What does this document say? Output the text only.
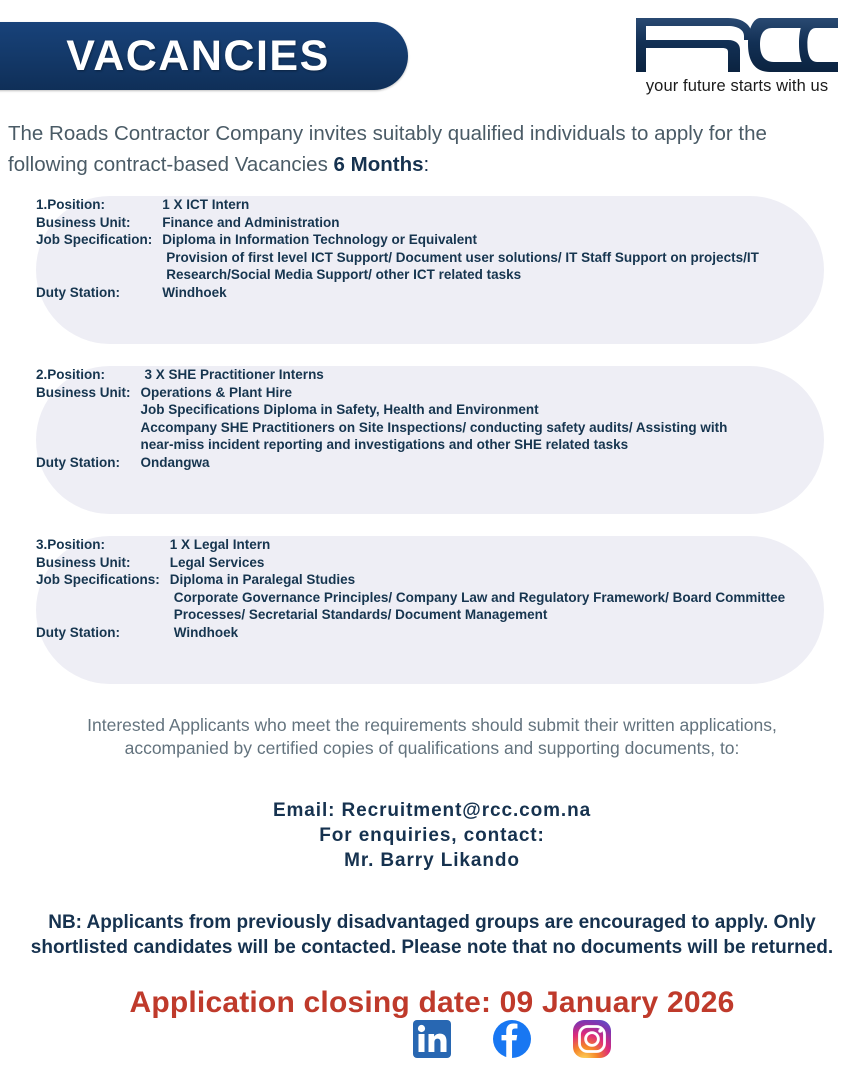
VACANCIES
your future starts with us
The Roads Contractor Company invites suitably qualified individuals to apply for the following contract-based Vacancies 6 Months:
1.Position:	1 X ICT Intern
Business Unit:	Finance and Administration
Job Specification:	Diploma in Information Technology or Equivalent
	Provision of first level ICT Support/ Document user solutions/ IT Staff Support on projects/IT
	Research/Social Media Support/ other ICT related tasks
Duty Station:	Windhoek
2.Position:	3 X SHE Practitioner Interns
Business Unit:	Operations & Plant Hire
	Job Specifications Diploma in Safety, Health and Environment
	Accompany SHE Practitioners on Site Inspections/ conducting safety audits/ Assisting with
	near-miss incident reporting and investigations and other SHE related tasks
Duty Station:	Ondangwa
3.Position:	1 X Legal Intern
Business Unit:	Legal Services
Job Specifications:	Diploma in Paralegal Studies
	Corporate Governance Principles/ Company Law and Regulatory Framework/ Board Committee
	Processes/ Secretarial Standards/ Document Management
Duty Station:	Windhoek
Interested Applicants who meet the requirements should submit their written applications,
accompanied by certified copies of qualifications and supporting documents, to:
Email: Recruitment@rcc.com.na
For enquiries, contact:
Mr. Barry Likando
NB: Applicants from previously disadvantaged groups are encouraged to apply. Only
shortlisted candidates will be contacted. Please note that no documents will be returned.
Application closing date: 09 January 2026
